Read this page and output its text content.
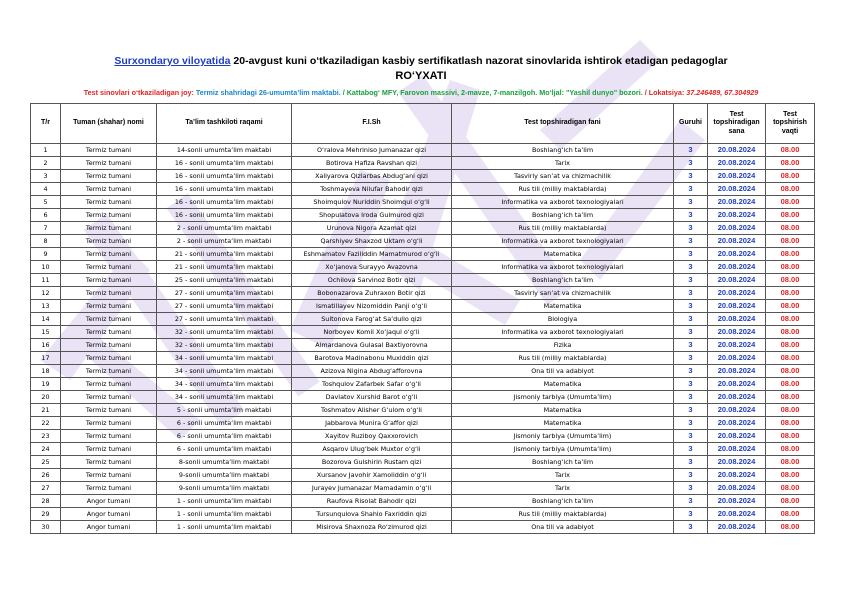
Surxondaryo viloyatida 20-avgust kuni o‘tkaziladigan kasbiy sertifikatlash nazorat sinovlarida ishtirok etadigan pedagoglar
RO‘YXATI
Test sinovlari o‘tkaziladigan joy: Termiz shahridagi 26-umumta’lim maktabi. / Kattabog‘ MFY, Farovon massivi, 2-mavze, 7-manzilgoh. Mo‘ljal: "Yashil dunyo" bozori. / Lokatsiya: 37.246489, 67.304929
T/r	Tuman (shahar) nomi	Ta’lim tashkiloti raqami	F.I.Sh	Test topshiradigan fani	Guruhi	Test topshiradigan sana	Test topshirish vaqti
1	Termiz tumani	14-sonli umumta’lim maktabi	O‘ralova Mehriniso Jumanazar qizi	Boshlang‘ich ta’lim	3	20.08.2024	08.00
2	Termiz tumani	16 - sonli umumta’lim maktabi	Botirova Hafiza Ravshan qizi	Tarix	3	20.08.2024	08.00
3	Termiz tumani	16 - sonli umumta’lim maktabi	Xaliyarova Qizlarbas Abdug‘ani qizi	Tasviriy san’at va chizmachilik	3	20.08.2024	08.00
4	Termiz tumani	16 - sonli umumta’lim maktabi	Toshmayeva Nilufar Bahodir qizi	Rus tili (milliy maktablarda)	3	20.08.2024	08.00
5	Termiz tumani	16 - sonli umumta’lim maktabi	Shoimqulov Nuriddin Shoimqul o‘g‘li	Informatika va axborot texnologiyalari	3	20.08.2024	08.00
6	Termiz tumani	16 - sonli umumta’lim maktabi	Shopulatova Iroda Gulmurod qizi	Boshlang‘ich ta’lim	3	20.08.2024	08.00
7	Termiz tumani	2 - sonli umumta’lim maktabi	Urunova Nigora Azamat qizi	Rus tili (milliy maktablarda)	3	20.08.2024	08.00
8	Termiz tumani	2 - sonli umumta’lim maktabi	Qarshiyev Shaxzod Uktam o‘g‘li	Informatika va axborot texnologiyalari	3	20.08.2024	08.00
9	Termiz tumani	21 - sonli umumta’lim maktabi	Eshmamatov Faziliddin Mamatmurod o‘g‘li	Matematika	3	20.08.2024	08.00
10	Termiz tumani	21 - sonli umumta’lim maktabi	Xo‘janova Surayyo Avazovna	Informatika va axborot texnologiyalari	3	20.08.2024	08.00
11	Termiz tumani	25 - sonli umumta’lim maktabi	Ochilova Sarvinoz Botir qizi	Boshlang‘ich ta’lim	3	20.08.2024	08.00
12	Termiz tumani	27 - sonli umumta’lim maktabi	Bobonazarova Zuhraxon Botir qizi	Tasviriy san’at va chizmachilik	3	20.08.2024	08.00
13	Termiz tumani	27 - sonli umumta’lim maktabi	Ismatillayev Nizomiddin Panji o‘g‘li	Matematika	3	20.08.2024	08.00
14	Termiz tumani	27 - sonli umumta’lim maktabi	Sultonova Farog‘at Sa’dullo qizi	Biologiya	3	20.08.2024	08.00
15	Termiz tumani	32 - sonli umumta’lim maktabi	Norboyev Komil Xo‘jaqul o‘g‘li	Informatika va axborot texnologiyalari	3	20.08.2024	08.00
16	Termiz tumani	32 - sonli umumta’lim maktabi	Almardanova Gulasal Baxtiyorovna	Fizika	3	20.08.2024	08.00
17	Termiz tumani	34 - sonli umumta’lim maktabi	Barotova Madinabonu Muxiddin qizi	Rus tili (milliy maktablarda)	3	20.08.2024	08.00
18	Termiz tumani	34 - sonli umumta’lim maktabi	Azizova Nigina Abdug‘afforovna	Ona tili va adabiyot	3	20.08.2024	08.00
19	Termiz tumani	34 - sonli umumta’lim maktabi	Toshqulov Zafarbek Safar o‘g‘li	Matematika	3	20.08.2024	08.00
20	Termiz tumani	34 - sonli umumta’lim maktabi	Davlatov Xurshid Barot o‘g‘li	Jismoniy tarbiya (Umumta’lim)	3	20.08.2024	08.00
21	Termiz tumani	5 - sonli umumta’lim maktabi	Toshmatov Alisher G‘ulom o‘g‘li	Matematika	3	20.08.2024	08.00
22	Termiz tumani	6 - sonli umumta’lim maktabi	Jabbarova Munira G‘affor qizi	Matematika	3	20.08.2024	08.00
23	Termiz tumani	6 - sonli umumta’lim maktabi	Xayitov Ruziboy Qaxxorovich	Jismoniy tarbiya (Umumta’lim)	3	20.08.2024	08.00
24	Termiz tumani	6 - sonli umumta’lim maktabi	Asqarov Ulug‘bek Muxtor o‘g‘li	Jismoniy tarbiya (Umumta’lim)	3	20.08.2024	08.00
25	Termiz tumani	8-sonli umumta’lim maktabi	Bozorova Gulshirin Rustam qizi	Boshlang‘ich ta’lim	3	20.08.2024	08.00
26	Termiz tumani	9-sonli umumta’lim maktabi	Xursanov Javohir Xamoliddin o‘g‘li	Tarix	3	20.08.2024	08.00
27	Termiz tumani	9-sonli umumta’lim maktabi	Jurayev Jumanazar Mamadamin o‘g‘li	Tarix	3	20.08.2024	08.00
28	Angor tumani	1 - sonli umumta’lim maktabi	Raufova Risolat Bahodir qizi	Boshlang‘ich ta’lim	3	20.08.2024	08.00
29	Angor tumani	1 - sonli umumta’lim maktabi	Tursunqulova Shahlo Faxriddin qizi	Rus tili (milliy maktablarda)	3	20.08.2024	08.00
30	Angor tumani	1 - sonli umumta’lim maktabi	Misirova Shaxnoza Ro‘zimurod qizi	Ona tili va adabiyot	3	20.08.2024	08.00
